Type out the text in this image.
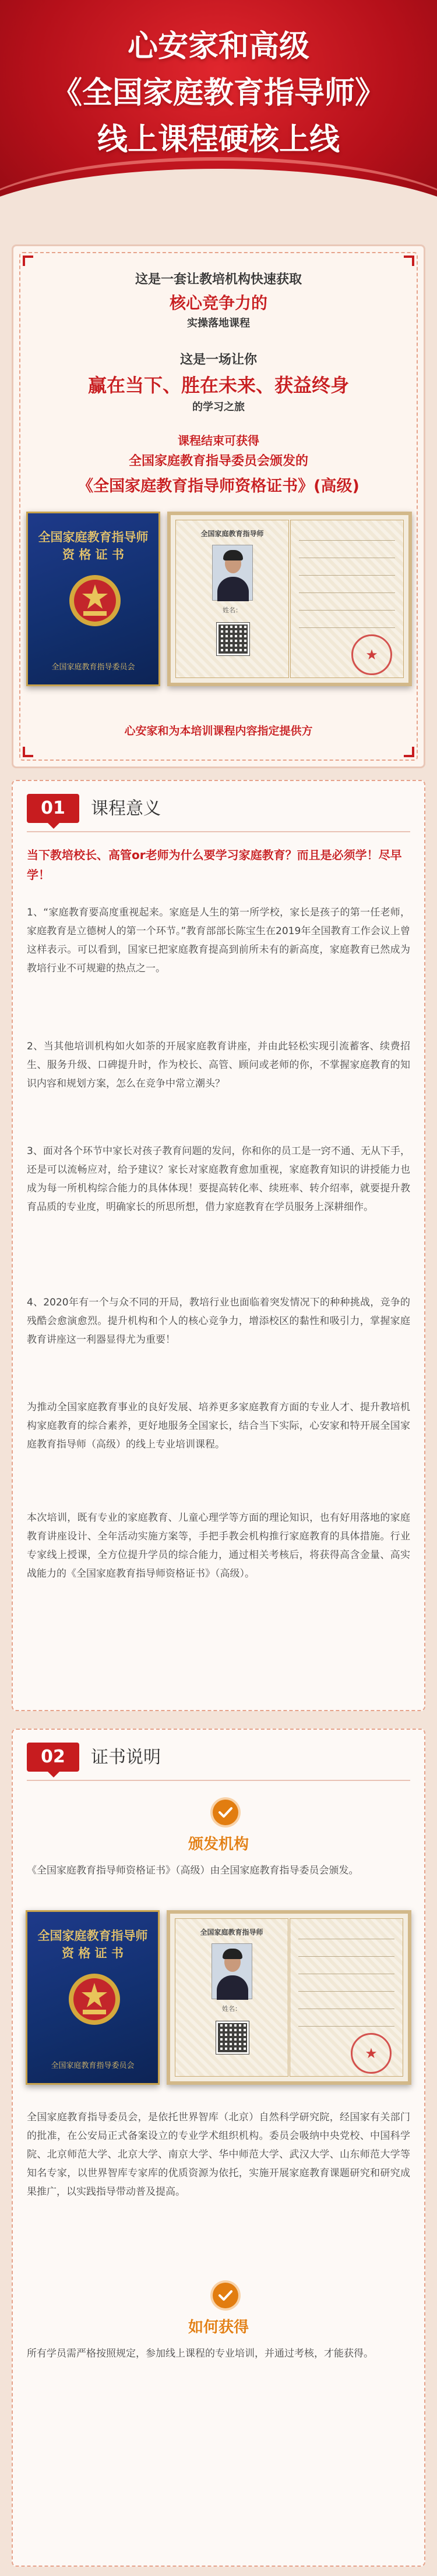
心安家和高级
《全国家庭教育指导师》
线上课程硬核上线
这是一套让教培机构快速获取
核心竞争力的
实操落地课程
这是一场让你
赢在当下、胜在未来、获益终身
的学习之旅
课程结束可获得
全国家庭教育指导委员会颁发的
《全国家庭教育指导师资格证书》(高级)
全国家庭教育指导师
资 格 证 书
全国家庭教育指导委员会
全国家庭教育指导师
姓名：
★
心安家和为本培训课程内容指定提供方
01	课程意义
当下教培校长、高管or老师为什么要学习家庭教育？而且是必须学！尽早学！
1、“家庭教育要高度重视起来。家庭是人生的第一所学校，家长是孩子的第一任老师，家庭教育是立德树人的第一个环节。”教育部部长陈宝生在2019年全国教育工作会议上曾这样表示。可以看到，国家已把家庭教育提高到前所未有的新高度，家庭教育已然成为教培行业不可规避的热点之一。
2、当其他培训机构如火如荼的开展家庭教育讲座，并由此轻松实现引流蓄客、续费招生、服务升级、口碑提升时，作为校长、高管、顾问或老师的你，不掌握家庭教育的知识内容和规划方案，怎么在竞争中常立潮头？
3、面对各个环节中家长对孩子教育问题的发问，你和你的员工是一窍不通、无从下手，还是可以流畅应对，给予建议？家长对家庭教育愈加重视，家庭教育知识的讲授能力也成为每一所机构综合能力的具体体现！要提高转化率、续班率、转介绍率，就要提升教育品质的专业度，明确家长的所思所想，借力家庭教育在学员服务上深耕细作。
4、2020年有一个与众不同的开局，教培行业也面临着突发情况下的种种挑战，竞争的残酷会愈演愈烈。提升机构和个人的核心竞争力，增添校区的黏性和吸引力，掌握家庭教育讲座这一利器显得尤为重要！
为推动全国家庭教育事业的良好发展、培养更多家庭教育方面的专业人才、提升教培机构家庭教育的综合素养，更好地服务全国家长，结合当下实际，心安家和特开展全国家庭教育指导师（高级）的线上专业培训课程。
本次培训，既有专业的家庭教育、儿童心理学等方面的理论知识，也有好用落地的家庭教育讲座设计、全年活动实施方案等，手把手教会机构推行家庭教育的具体措施。行业专家线上授课，全方位提升学员的综合能力，通过相关考核后，将获得高含金量、高实战能力的《全国家庭教育指导师资格证书》（高级）。
02	证书说明
颁发机构
《全国家庭教育指导师资格证书》（高级）由全国家庭教育指导委员会颁发。
全国家庭教育指导师
资 格 证 书
全国家庭教育指导委员会
全国家庭教育指导师
姓名：
★
全国家庭教育指导委员会，是依托世界智库（北京）自然科学研究院，经国家有关部门的批准，在公安局正式备案设立的专业学术组织机构。委员会吸纳中央党校、中国科学院、北京师范大学、北京大学、南京大学、华中师范大学、武汉大学、山东师范大学等知名专家，以世界智库专家库的优质资源为依托，实施开展家庭教育课题研究和研究成果推广，以实践指导带动普及提高。
如何获得
所有学员需严格按照规定，参加线上课程的专业培训，并通过考核，才能获得。
